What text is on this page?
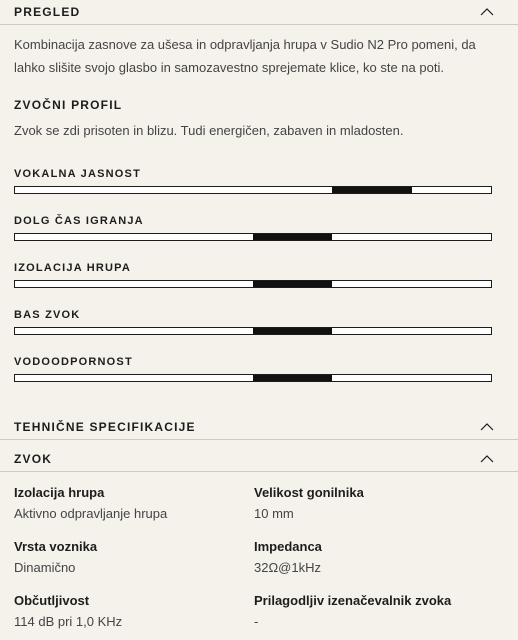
PREGLED
Kombinacija zasnove za ušesa in odpravljanja hrupa v Sudio N2 Pro pomeni, da lahko slišite svojo glasbo in samozavestno sprejemate klice, ko ste na poti.
ZVOČNI PROFIL
Zvok se zdi prisoten in blizu. Tudi energičen, zabaven in mladosten.
VOKALNA JASNOST
DOLG ČAS IGRANJA
IZOLACIJA HRUPA
BAS ZVOK
VODOODPORNOST
TEHNIČNE SPECIFIKACIJE
ZVOK
Izolacija hrupa
Aktivno odpravljanje hrupa
Velikost gonilnika
10 mm
Vrsta voznika
Dinamično
Impedanca
32Ω@1kHz
Občutljivost
114 dB pri 1,0 KHz
Prilagodljiv izenačevalnik zvoka
-
